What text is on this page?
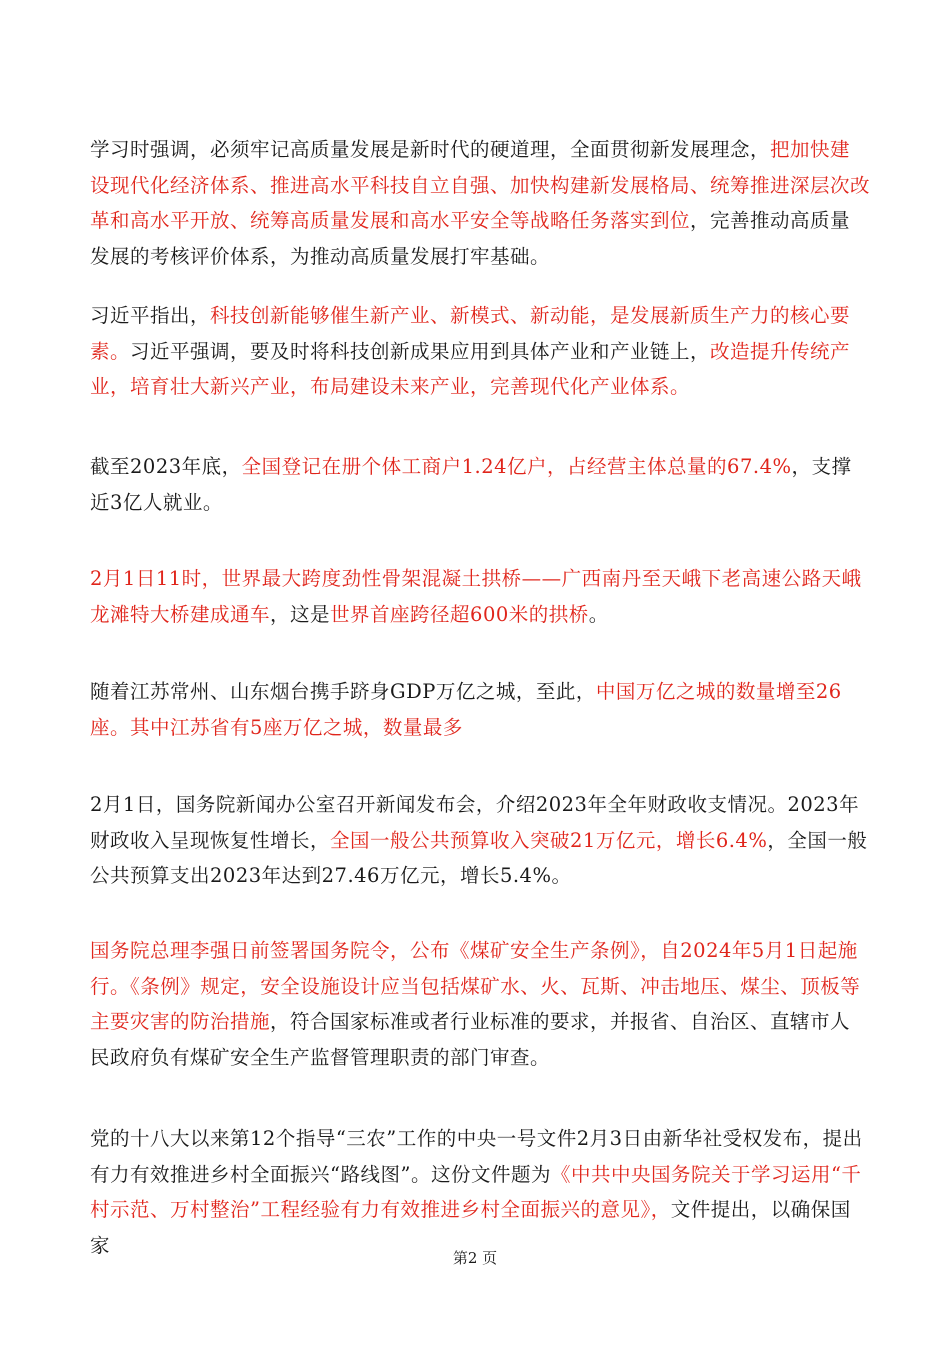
学习时强调，必须牢记高质量发展是新时代的硬道理，全面贯彻新发展理念，把加快建设现代化经济体系、推进高水平科技自立自强、加快构建新发展格局、统筹推进深层次改革和高水平开放、统筹高质量发展和高水平安全等战略任务落实到位，完善推动高质量发展的考核评价体系，为推动高质量发展打牢基础。

习近平指出，科技创新能够催生新产业、新模式、新动能，是发展新质生产力的核心要素。习近平强调，要及时将科技创新成果应用到具体产业和产业链上，改造提升传统产业，培育壮大新兴产业，布局建设未来产业，完善现代化产业体系。

截至2023年底，全国登记在册个体工商户1.24亿户，占经营主体总量的67.4%，支撑近3亿人就业。

2月1日11时，世界最大跨度劲性骨架混凝土拱桥——广西南丹至天峨下老高速公路天峨龙滩特大桥建成通车，这是世界首座跨径超600米的拱桥。

随着江苏常州、山东烟台携手跻身GDP万亿之城，至此，中国万亿之城的数量增至26座。其中江苏省有5座万亿之城，数量最多

2月1日，国务院新闻办公室召开新闻发布会，介绍2023年全年财政收支情况。2023年财政收入呈现恢复性增长，全国一般公共预算收入突破21万亿元，增长6.4%，全国一般公共预算支出2023年达到27.46万亿元，增长5.4%。

国务院总理李强日前签署国务院令，公布《煤矿安全生产条例》，自2024年5月1日起施行。《条例》规定，安全设施设计应当包括煤矿水、火、瓦斯、冲击地压、煤尘、顶板等主要灾害的防治措施，符合国家标准或者行业标准的要求，并报省、自治区、直辖市人民政府负有煤矿安全生产监督管理职责的部门审查。

党的十八大以来第12个指导“三农”工作的中央一号文件2月3日由新华社受权发布，提出有力有效推进乡村全面振兴“路线图”。这份文件题为《中共中央国务院关于学习运用“千村示范、万村整治”工程经验有力有效推进乡村全面振兴的意见》，文件提出，以确保国家

第2 页
